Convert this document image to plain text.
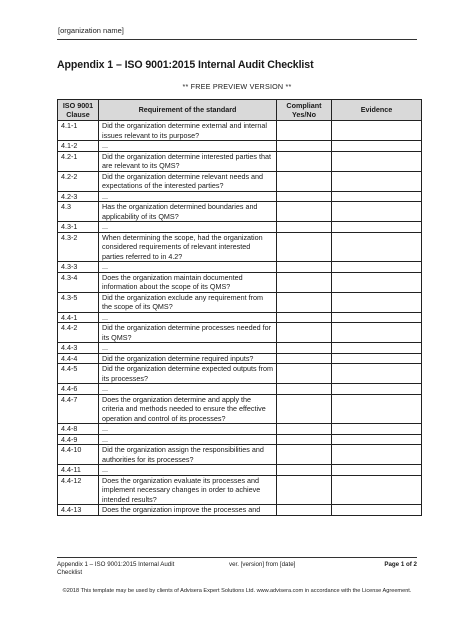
[organization name]
Appendix 1 – ISO 9001:2015 Internal Audit Checklist
** FREE PREVIEW VERSION **
ISO 9001 Clause	Requirement of the standard	Compliant Yes/No	Evidence
4.1-1	Did the organization determine external and internal issues relevant to its purpose?		
4.1-2	...		
4.2-1	Did the organization determine interested parties that are relevant to its QMS?		
4.2-2	Did the organization determine relevant needs and expectations of the interested parties?		
4.2-3	...		
4.3	Has the organization determined boundaries and applicability of its QMS?		
4.3-1	...		
4.3-2	When determining the scope, had the organization considered requirements of relevant interested parties referred to in 4.2?		
4.3-3	...		
4.3-4	Does the organization maintain documented information about the scope of its QMS?		
4.3-5	Did the organization exclude any requirement from the scope of its QMS?		
4.4-1	...		
4.4-2	Did the organization determine processes needed for its QMS?		
4.4-3	...		
4.4-4	Did the organization determine required inputs?		
4.4-5	Did the organization determine expected outputs from its processes?		
4.4-6	...		
4.4-7	Does the organization determine and apply the criteria and methods needed to ensure the effective operation and control of its processes?		
4.4-8	...		
4.4-9	...		
4.4-10	Did the organization assign the responsibilities and authorities for its processes?		
4.4-11	...		
4.4-12	Does the organization evaluate its processes and implement necessary changes in order to achieve intended results?		
4.4-13	Does the organization improve the processes and		
Appendix 1 – ISO 9001:2015 Internal Audit Checklist
ver. [version] from [date]	Page 1 of 2
©2018 This template may be used by clients of Advisera Expert Solutions Ltd. www.advisera.com in accordance with the License Agreement.
